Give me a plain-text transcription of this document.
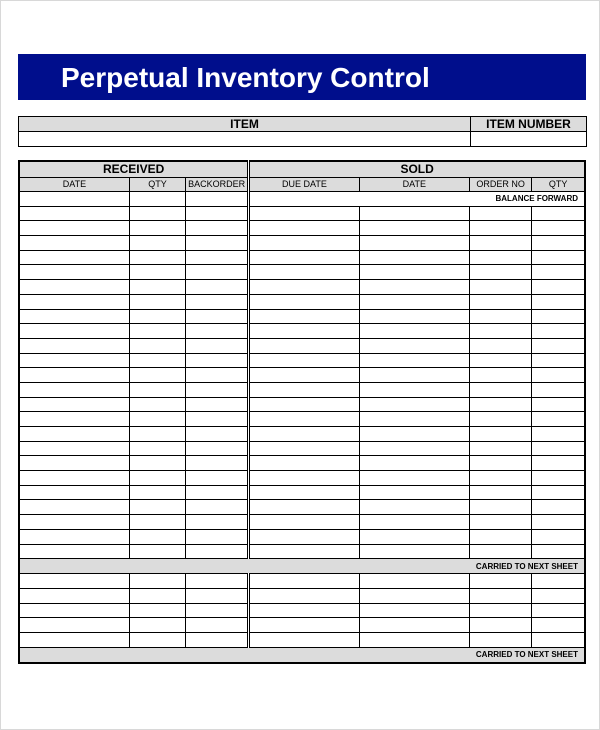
Perpetual Inventory Control
ITEM	ITEM NUMBER

RECEIVED			SOLD			
DATE	QTY	BACKORDER	DUE DATE	DATE	ORDER NO	QTY
			BALANCE FORWARD			

CARRIED TO NEXT SHEET						

CARRIED TO NEXT SHEET						
